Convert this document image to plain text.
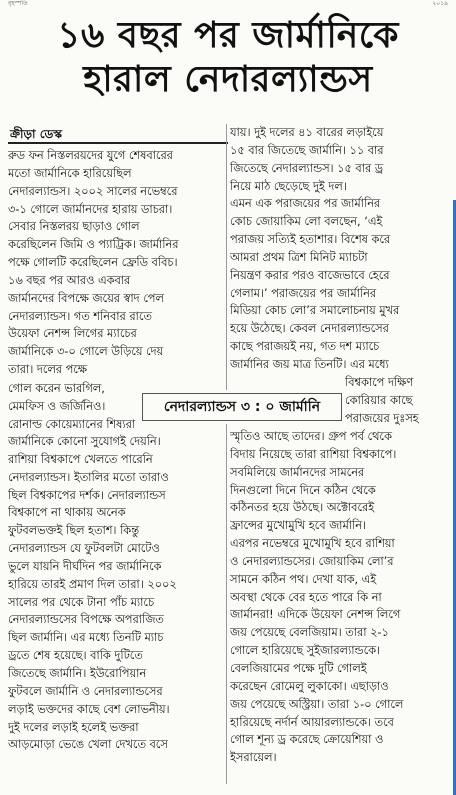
বৃহস্পতি	২০১৯
১৬ বছর পর জার্মানিকে
হারাল নেদারল্যান্ডস
ক্রীড়া ডেস্ক
রুড ফন নিস্তলরয়দের যুগে শেষবারের
মতো জার্মানিকে হারিয়েছিল
নেদারল্যান্ডস। ২০০২ সালের নভেম্বরে
৩-১ গোলে জার্মানদের হারায় ডাচরা।
সেবার নিস্তলরয় ছাড়াও গোল
করেছিলেন জিমি ও প্যাট্রিক। জার্মানির
পক্ষে গোলটি করেছিলেন ফ্রেডি ববিচ।
১৬ বছর পর আরও একবার
জার্মানদের বিপক্ষে জয়ের স্বাদ পেল
নেদারল্যান্ডস। গত শনিবার রাতে
উয়েফা নেশন্স লিগের ম্যাচের
জার্মানিকে ৩-০ গোলে উড়িয়ে দেয়
তারা। দলের পক্ষে
গোল করেন ভারগিল,
মেমফিস ও জর্জিনিও।
রোনাল্ড কোয়েম্যানের শিষ্যরা
জার্মানিকে কোনো সুযোগই দেয়নি।
রাশিয়া বিশ্বকাপে খেলতে পারেনি
নেদারল্যান্ডস। ইতালির মতো তারাও
ছিল বিশ্বকাপের দর্শক। নেদারল্যান্ডস
বিশ্বকাপে না থাকায় অনেক
ফুটবলভক্তই ছিল হতাশ। কিন্তু
নেদারল্যান্ডস যে ফুটবলটা মোটেও
ভুলে যায়নি দীর্ঘদিন পর জার্মানিকে
হারিয়ে তারই প্রমাণ দিল তারা। ২০০২
সালের পর থেকে টানা পাঁচ ম্যাচে
নেদারল্যান্ডসের বিপক্ষে অপরাজিত
ছিল জার্মানি। এর মধ্যে তিনটি ম্যাচ
ড্রতে শেষ হয়েছে। বাকি দুটিতে
জিতেছে জার্মানি। ইউরোপিয়ান
ফুটবলে জার্মানি ও নেদারল্যান্ডসের
লড়াই ভক্তদের কাছে বেশ লোভনীয়।
দুই দলের লড়াই হলেই ভক্তরা
আড়মোড়া ভেঙে খেলা দেখতে বসে
যায়। দুই দলের ৪১ বারের লড়াইয়ে
১৫ বার জিতেছে জার্মানি। ১১ বার
জিতেছে নেদারল্যান্ডস। ১৫ বার ড্র
নিয়ে মাঠ ছেড়েছে দুই দল।
এমন এক পরাজয়ের পর জার্মানির
কোচ জোয়াকিম লো বলছেন, ‘এই
পরাজয় সত্যিই হতাশার। বিশেষ করে
আমরা প্রথম ত্রিশ মিনিট ম্যাচটা
নিয়ন্ত্রণ করার পরও বাজেভাবে হেরে
গেলাম।’ পরাজয়ের পর জার্মানির
মিডিয়া কোচ লো’র সমালোচনায় মুখর
হয়ে উঠেছে। কেবল নেদারল্যান্ডসের
কাছে পরাজয়ই নয়, গত দশ ম্যাচে
জার্মানির জয় মাত্র তিনটি। এর মধ্যে
বিশ্বকাপে দক্ষিণ
কোরিয়ার কাছে
পরাজয়ের দুঃসহ
স্মৃতিও আছে তাদের। গ্রুপ পর্ব থেকে
বিদায় নিয়েছে তারা রাশিয়া বিশ্বকাপে।
সবমিলিয়ে জার্মানদের সামনের
দিনগুলো দিনে দিনে কঠিন থেকে
কঠিনতর হয়ে উঠছে। অক্টোবরেই
ফ্রান্সের মুখোমুখি হবে জার্মানি।
এরপর নভেম্বরে মুখোমুখি হবে রাশিয়া
ও নেদারল্যান্ডসের। জোয়াকিম লো’র
সামনে কঠিন পথ। দেখা যাক, এই
অবস্থা থেকে বের হতে পারে কি না
জার্মানরা! এদিকে উয়েফা নেশন্স লিগে
জয় পেয়েছে বেলজিয়াম। তারা ২-১
গোলে হারিয়েছে সুইজারল্যান্ডকে।
বেলজিয়ামের পক্ষে দুটি গোলই
করেছেন রোমেলু লুকাকো। এছাড়াও
জয় পেয়েছে অস্ট্রিয়া। তারা ১-০ গোলে
হারিয়েছে নর্দার্ন আয়ারল্যান্ডকে। তবে
গোল শূন্য ড্র করেছে ক্রোয়েশিয়া ও
ইসরায়েল।
নেদারল্যান্ডস ৩ : ০ জার্মানি
